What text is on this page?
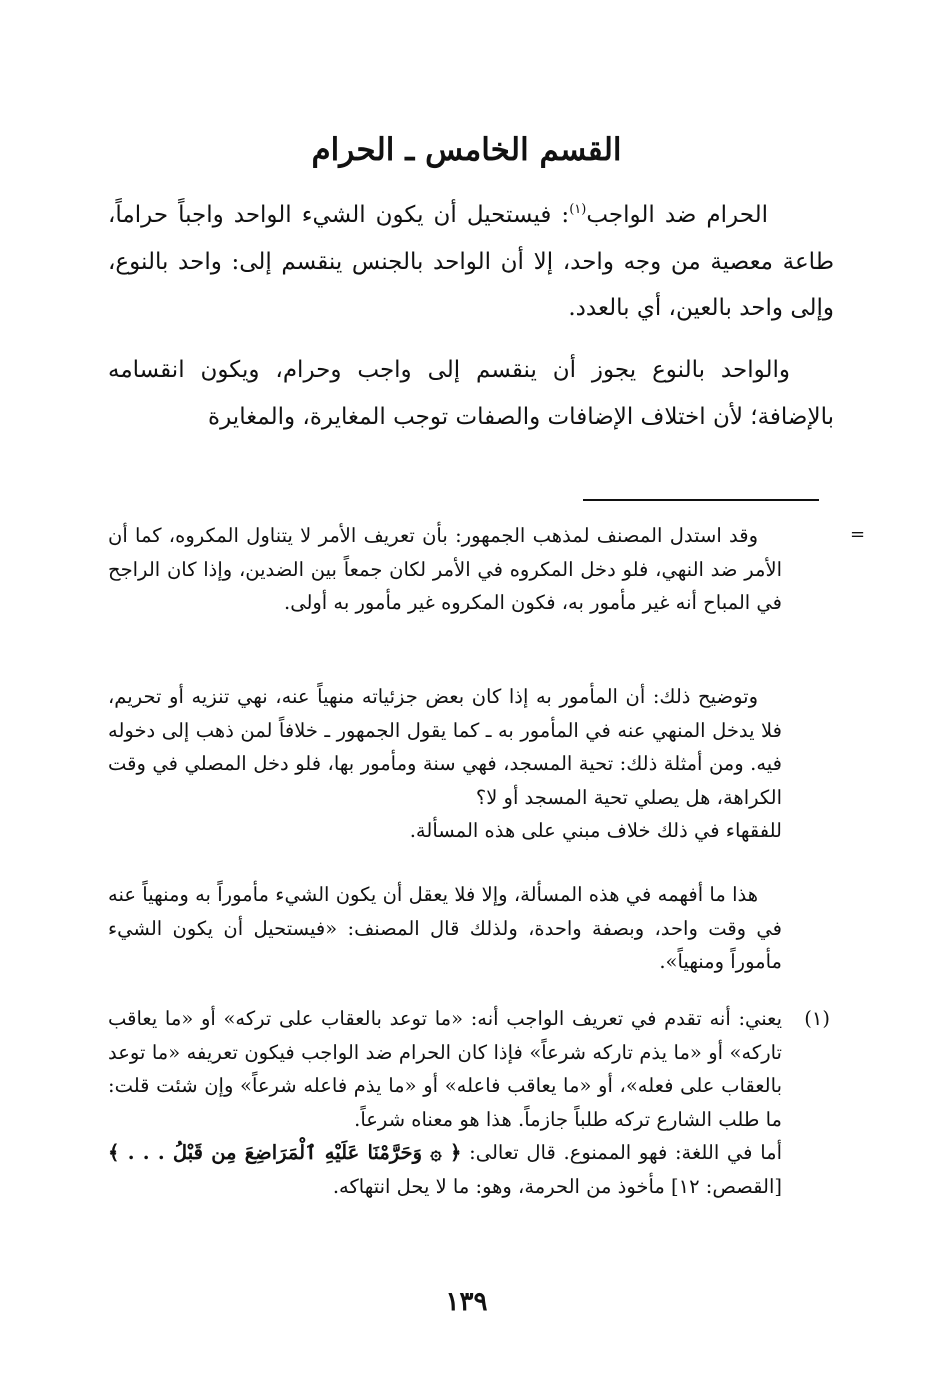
القسم الخامس ـ الحرام

الحرام ضد الواجب$^{(١)}$: فيستحيل أن يكون الشيء الواحد واجباً حراماً، طاعة معصية من وجه واحد، إلا أن الواحد بالجنس ينقسم إلى: واحد بالنوع، وإلى واحد بالعين، أي بالعدد.

والواحد بالنوع يجوز أن ينقسم إلى واجب وحرام، ويكون انقسامه بالإضافة؛ لأن اختلاف الإضافات والصفات توجب المغايرة، والمغايرة

=

وقد استدل المصنف لمذهب الجمهور: بأن تعريف الأمر لا يتناول المكروه، كما أن الأمر ضد النهي، فلو دخل المكروه في الأمر لكان جمعاً بين الضدين، وإذا كان الراجح في المباح أنه غير مأمور به، فكون المكروه غير مأمور به أولى.

وتوضيح ذلك: أن المأمور به إذا كان بعض جزئياته منهياً عنه، نهي تنزيه أو تحريم، فلا يدخل المنهي عنه في المأمور به ـ كما يقول الجمهور ـ خلافاً لمن ذهب إلى دخوله فيه. ومن أمثلة ذلك: تحية المسجد، فهي سنة ومأمور بها، فلو دخل المصلي في وقت الكراهة، هل يصلي تحية المسجد أو لا؟

للفقهاء في ذلك خلاف مبني على هذه المسألة.

هذا ما أفهمه في هذه المسألة، وإلا فلا يعقل أن يكون الشيء مأموراً به ومنهياً عنه في وقت واحد، وبصفة واحدة، ولذلك قال المصنف: «فيستحيل أن يكون الشيء مأموراً ومنهياً».

(١)

يعني: أنه تقدم في تعريف الواجب أنه: «ما توعد بالعقاب على تركه» أو «ما يعاقب تاركه» أو «ما يذم تاركه شرعاً» فإذا كان الحرام ضد الواجب فيكون تعريفه «ما توعد بالعقاب على فعله»، أو «ما يعاقب فاعله» أو «ما يذم فاعله شرعاً» وإن شئت قلت: ما طلب الشارع تركه طلباً جازماً. هذا هو معناه شرعاً.

أما في اللغة: فهو الممنوع. قال تعالى: ﴿ ۞ وَحَرَّمْنَا عَلَيْهِ ٱلْمَرَاضِعَ مِن قَبْلُ . . . ﴾ [القصص: ١٢] مأخوذ من الحرمة، وهو: ما لا يحل انتهاكه.

١٣٩
